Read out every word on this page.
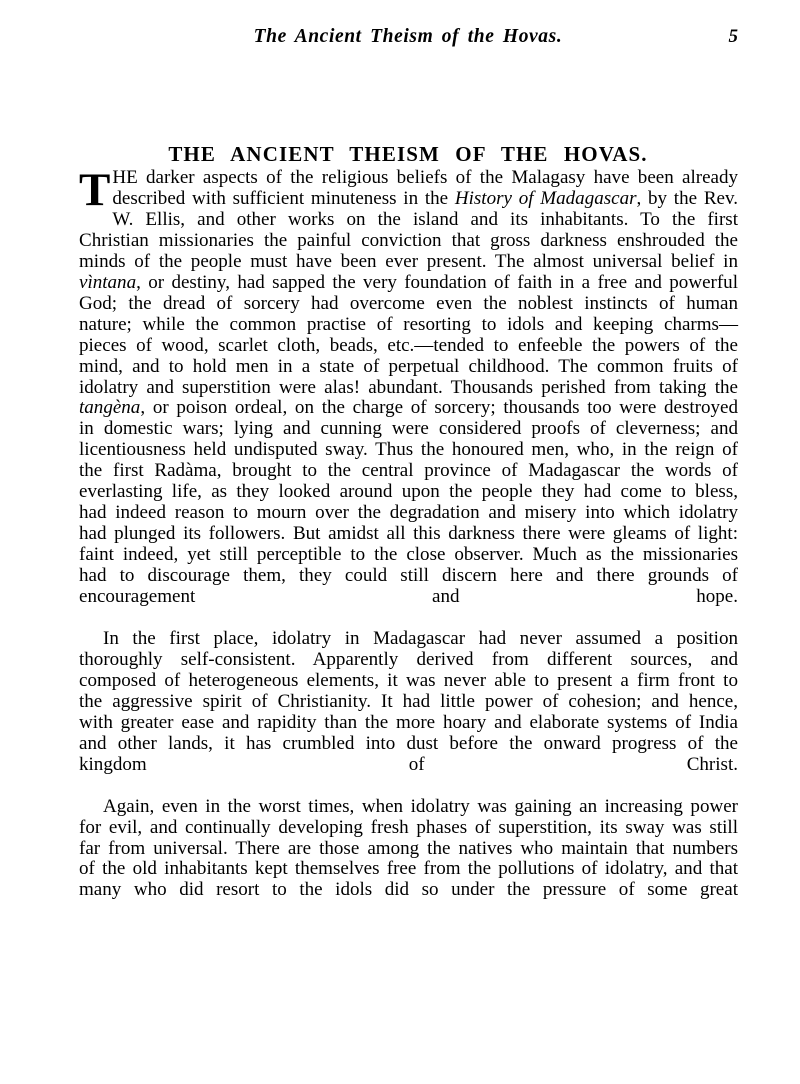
The Ancient Theism of the Hovas.	5
THE ANCIENT THEISM OF THE HOVAS.

THE darker aspects of the religious beliefs of the Malagasy have been already described with sufficient minuteness in the History of Madagascar, by the Rev. W. Ellis, and other works on the island and its inhabitants. To the first Christian missionaries the painful conviction that gross darkness enshrouded the minds of the people must have been ever present. The almost universal belief in vìntana, or destiny, had sapped the very foundation of faith in a free and powerful God; the dread of sorcery had overcome even the noblest instincts of human nature; while the common practise of resorting to idols and keeping charms—pieces of wood, scarlet cloth, beads, etc.—tended to enfeeble the powers of the mind, and to hold men in a state of perpetual childhood. The common fruits of idolatry and superstition were alas! abundant. Thousands perished from taking the tangèna, or poison ordeal, on the charge of sorcery; thousands too were destroyed in domestic wars; lying and cunning were considered proofs of cleverness; and licentiousness held undisputed sway. Thus the honoured men, who, in the reign of the first Radàma, brought to the central province of Madagascar the words of everlasting life, as they looked around upon the people they had come to bless, had indeed reason to mourn over the degradation and misery into which idolatry had plunged its followers. But amidst all this darkness there were gleams of light: faint indeed, yet still perceptible to the close observer. Much as the missionaries had to discourage them, they could still discern here and there grounds of encouragement and hope.

In the first place, idolatry in Madagascar had never assumed a position thoroughly self-consistent. Apparently derived from different sources, and composed of heterogeneous elements, it was never able to present a firm front to the aggressive spirit of Christianity. It had little power of cohesion; and hence, with greater ease and rapidity than the more hoary and elaborate systems of India and other lands, it has crumbled into dust before the onward progress of the kingdom of Christ.

Again, even in the worst times, when idolatry was gaining an increasing power for evil, and continually developing fresh phases of superstition, its sway was still far from universal. There are those among the natives who maintain that numbers of the old inhabitants kept themselves free from the pollutions of idolatry, and that many who did resort to the idols did so under the pressure of some great
